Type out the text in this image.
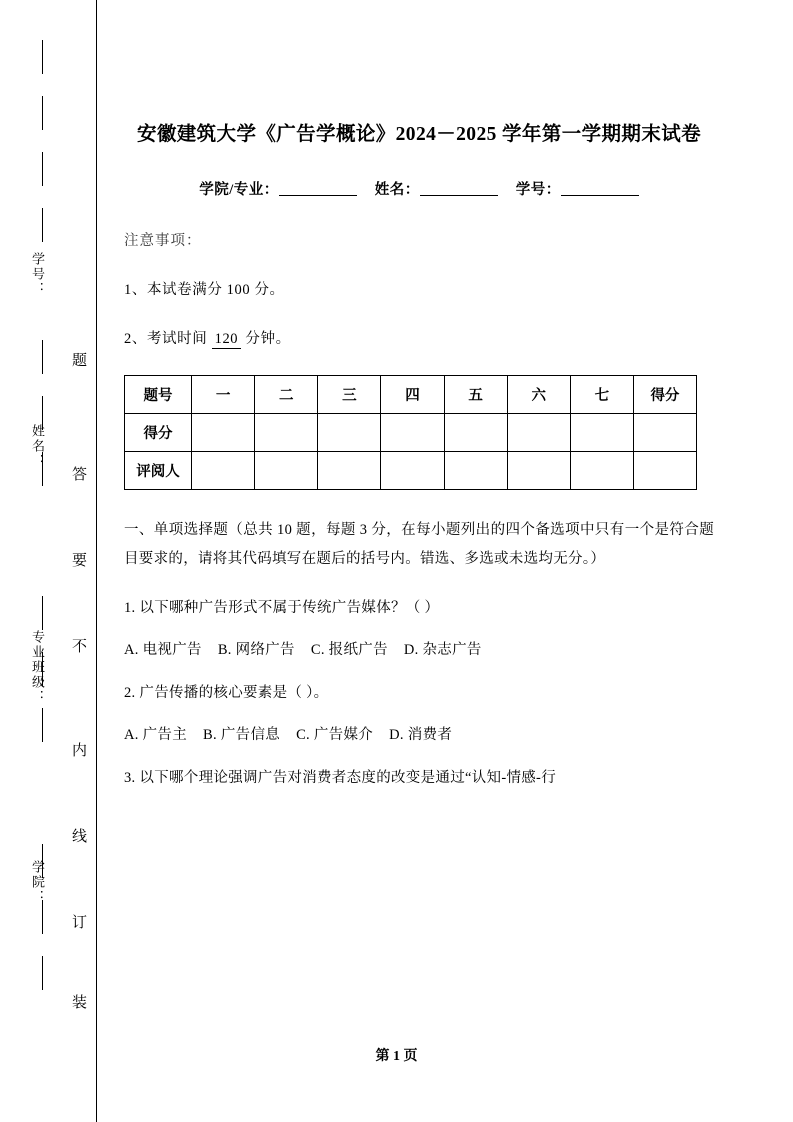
学号：
姓名：
专业班级：
学院：
题
答
要
不
内
线
订
装
安徽建筑大学《广告学概论》2024－2025 学年第一学期期末试卷
学院/专业：	姓名：	学号：
注意事项：
1、本试卷满分 100 分。
2、考试时间 120 分钟。
题号	一	二	三	四	五	六	七	得分
得分								
评阅人								
一、单项选择题（总共 10 题，每题 3 分，在每小题列出的四个备选项中只有一个是符合题目要求的，请将其代码填写在题后的括号内。错选、多选或未选均无分。）
1. 以下哪种广告形式不属于传统广告媒体？（ ）
A. 电视广告 B. 网络广告 C. 报纸广告 D. 杂志广告
2. 广告传播的核心要素是（ ）。
A. 广告主 B. 广告信息 C. 广告媒介 D. 消费者
3. 以下哪个理论强调广告对消费者态度的改变是通过“认知-情感-行
第 1 页
